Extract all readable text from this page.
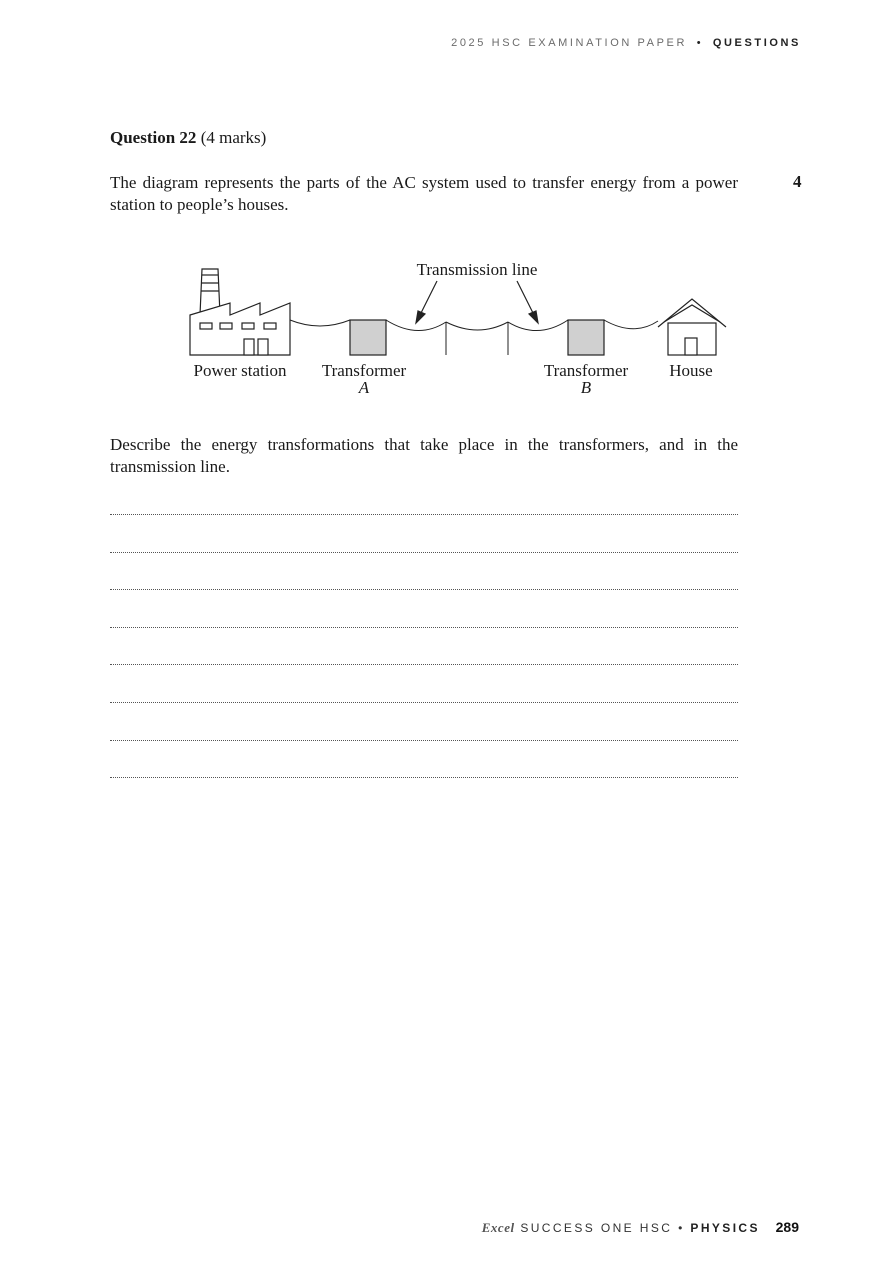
2025 HSC EXAMINATION PAPER • QUESTIONS
Question 22 (4 marks)
4

The diagram represents the parts of the AC system used to transfer energy from a power station to people’s houses.

Transmission line
Power station Transformer
A
Transformer
B
House

Describe the energy transformations that take place in the transformers, and in the transmission line.

Excel SUCCESS ONE HSC • PHYSICS 289
